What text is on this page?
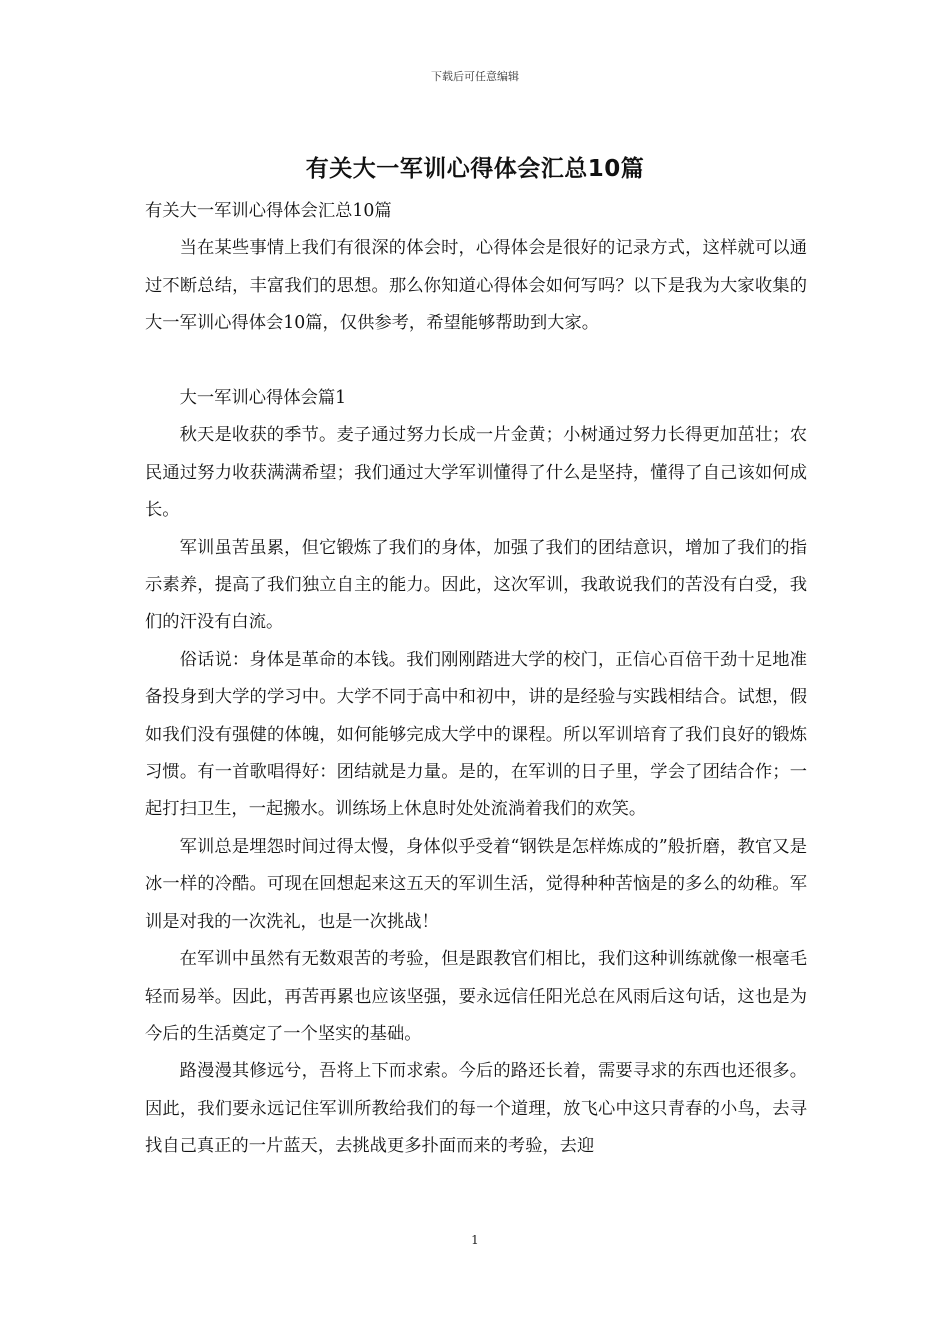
下载后可任意编辑
有关大一军训心得体会汇总10篇

有关大一军训心得体会汇总10篇

当在某些事情上我们有很深的体会时，心得体会是很好的记录方式，这样就可以通过不断总结，丰富我们的思想。那么你知道心得体会如何写吗？以下是我为大家收集的大一军训心得体会10篇，仅供参考，希望能够帮助到大家。

大一军训心得体会篇1

秋天是收获的季节。麦子通过努力长成一片金黄；小树通过努力长得更加茁壮；农民通过努力收获满满希望；我们通过大学军训懂得了什么是坚持，懂得了自己该如何成长。

军训虽苦虽累，但它锻炼了我们的身体，加强了我们的团结意识，增加了我们的指示素养，提高了我们独立自主的能力。因此，这次军训，我敢说我们的苦没有白受，我们的汗没有白流。

俗话说：身体是革命的本钱。我们刚刚踏进大学的校门，正信心百倍干劲十足地准备投身到大学的学习中。大学不同于高中和初中，讲的是经验与实践相结合。试想，假如我们没有强健的体魄，如何能够完成大学中的课程。所以军训培育了我们良好的锻炼习惯。有一首歌唱得好：团结就是力量。是的，在军训的日子里，学会了团结合作；一起打扫卫生，一起搬水。训练场上休息时处处流淌着我们的欢笑。

军训总是埋怨时间过得太慢，身体似乎受着“钢铁是怎样炼成的”般折磨，教官又是冰一样的冷酷。可现在回想起来这五天的军训生活，觉得种种苦恼是的多么的幼稚。军训是对我的一次洗礼，也是一次挑战！

在军训中虽然有无数艰苦的考验，但是跟教官们相比，我们这种训练就像一根毫毛轻而易举。因此，再苦再累也应该坚强，要永远信任阳光总在风雨后这句话，这也是为今后的生活奠定了一个坚实的基础。

路漫漫其修远兮，吾将上下而求索。今后的路还长着，需要寻求的东西也还很多。因此，我们要永远记住军训所教给我们的每一个道理，放飞心中这只青春的小鸟，去寻找自己真正的一片蓝天，去挑战更多扑面而来的考验，去迎

1
